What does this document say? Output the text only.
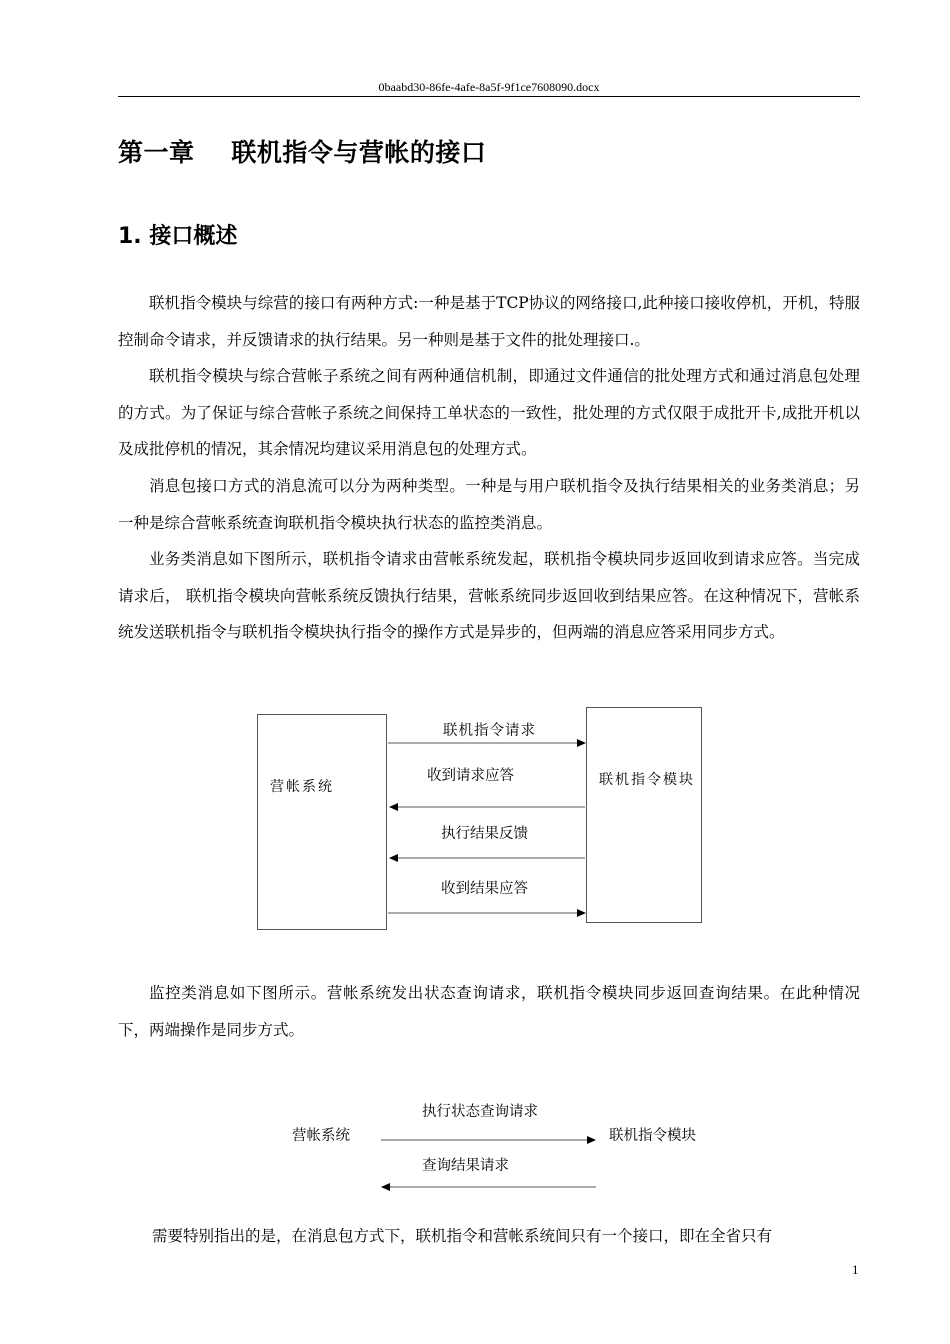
0baabd30-86fe-4afe-8a5f-9f1ce7608090.docx
第一章    联机指令与营帐的接口
1. 接口概述

联机指令模块与综营的接口有两种方式:一种是基于TCP协议的网络接口,此种接口接收停机，开机，特服控制命令请求，并反馈请求的执行结果。另一种则是基于文件的批处理接口.。

联机指令模块与综合营帐子系统之间有两种通信机制，即通过文件通信的批处理方式和通过消息包处理的方式。为了保证与综合营帐子系统之间保持工单状态的一致性，批处理的方式仅限于成批开卡,成批开机以及成批停机的情况，其余情况均建议采用消息包的处理方式。

消息包接口方式的消息流可以分为两种类型。一种是与用户联机指令及执行结果相关的业务类消息；另一种是综合营帐系统查询联机指令模块执行状态的监控类消息。

业务类消息如下图所示，联机指令请求由营帐系统发起，联机指令模块同步返回收到请求应答。当完成请求后， 联机指令模块向营帐系统反馈执行结果，营帐系统同步返回收到结果应答。在这种情况下，营帐系统发送联机指令与联机指令模块执行指令的操作方式是异步的，但两端的消息应答采用同步方式。

营帐系统	联机指令模块
联机指令请求
收到请求应答
执行结果反馈
收到结果应答

监控类消息如下图所示。营帐系统发出状态查询请求，联机指令模块同步返回查询结果。在此种情况下，两端操作是同步方式。

营帐系统	联机指令模块
执行状态查询请求
查询结果请求

需要特别指出的是，在消息包方式下，联机指令和营帐系统间只有一个接口，即在全省只有

1
